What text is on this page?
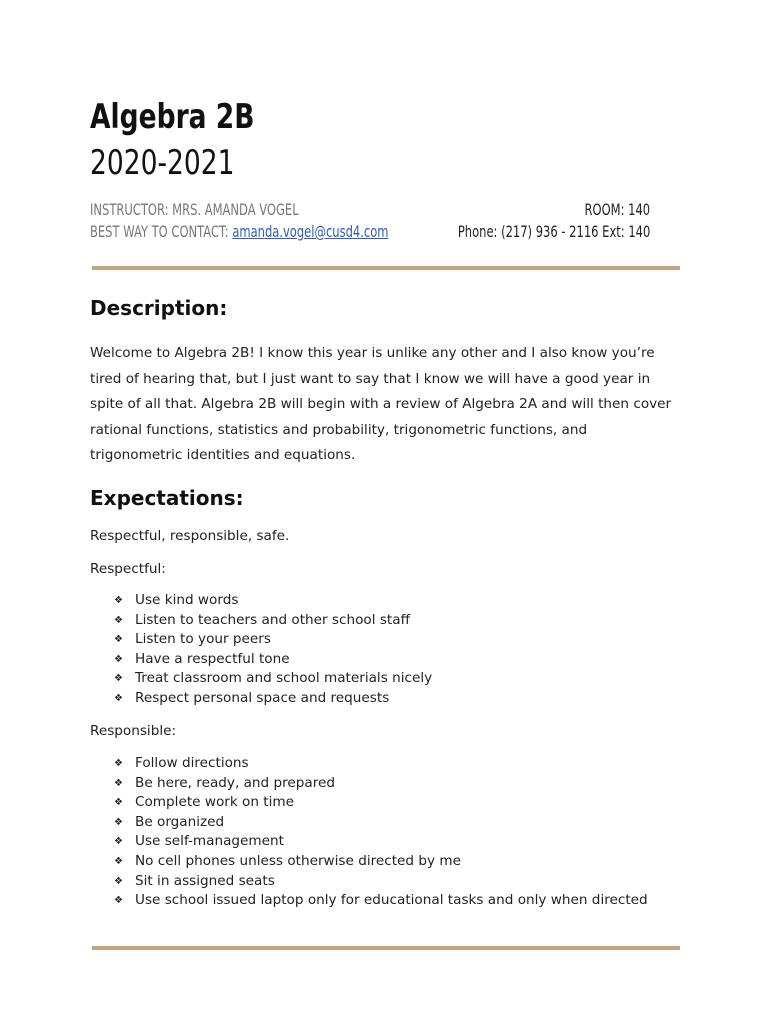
Algebra 2B
2020-2021
INSTRUCTOR: MRS. AMANDA VOGEL
BEST WAY TO CONTACT: amanda.vogel@cusd4.com
ROOM: 140
Phone: (217) 936 - 2116 Ext: 140
Description:

Welcome to Algebra 2B! I know this year is unlike any other and I also know you’re tired of hearing that, but I just want to say that I know we will have a good year in spite of all that. Algebra 2B will begin with a review of Algebra 2A and will then cover rational functions, statistics and probability, trigonometric functions, and trigonometric identities and equations.

Expectations:

Respectful, responsible, safe.

Respectful:

❖ Use kind words
❖ Listen to teachers and other school staff
❖ Listen to your peers
❖ Have a respectful tone
❖ Treat classroom and school materials nicely
❖ Respect personal space and requests

Responsible:

❖ Follow directions
❖ Be here, ready, and prepared
❖ Complete work on time
❖ Be organized
❖ Use self-management
❖ No cell phones unless otherwise directed by me
❖ Sit in assigned seats
❖ Use school issued laptop only for educational tasks and only when directed
